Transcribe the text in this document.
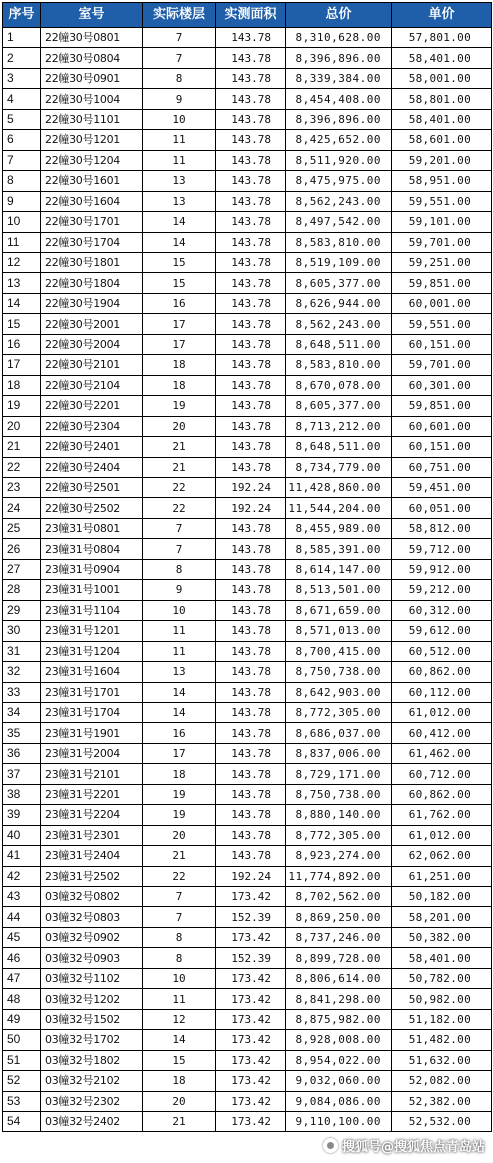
序号	室号	实际楼层	实测面积	总价	单价
1	22幢30号0801	7	143.78	8,310,628.00	57,801.00
2	22幢30号0804	7	143.78	8,396,896.00	58,401.00
3	22幢30号0901	8	143.78	8,339,384.00	58,001.00
4	22幢30号1004	9	143.78	8,454,408.00	58,801.00
5	22幢30号1101	10	143.78	8,396,896.00	58,401.00
6	22幢30号1201	11	143.78	8,425,652.00	58,601.00
7	22幢30号1204	11	143.78	8,511,920.00	59,201.00
8	22幢30号1601	13	143.78	8,475,975.00	58,951.00
9	22幢30号1604	13	143.78	8,562,243.00	59,551.00
10	22幢30号1701	14	143.78	8,497,542.00	59,101.00
11	22幢30号1704	14	143.78	8,583,810.00	59,701.00
12	22幢30号1801	15	143.78	8,519,109.00	59,251.00
13	22幢30号1804	15	143.78	8,605,377.00	59,851.00
14	22幢30号1904	16	143.78	8,626,944.00	60,001.00
15	22幢30号2001	17	143.78	8,562,243.00	59,551.00
16	22幢30号2004	17	143.78	8,648,511.00	60,151.00
17	22幢30号2101	18	143.78	8,583,810.00	59,701.00
18	22幢30号2104	18	143.78	8,670,078.00	60,301.00
19	22幢30号2201	19	143.78	8,605,377.00	59,851.00
20	22幢30号2304	20	143.78	8,713,212.00	60,601.00
21	22幢30号2401	21	143.78	8,648,511.00	60,151.00
22	22幢30号2404	21	143.78	8,734,779.00	60,751.00
23	22幢30号2501	22	192.24	11,428,860.00	59,451.00
24	22幢30号2502	22	192.24	11,544,204.00	60,051.00
25	23幢31号0801	7	143.78	8,455,989.00	58,812.00
26	23幢31号0804	7	143.78	8,585,391.00	59,712.00
27	23幢31号0904	8	143.78	8,614,147.00	59,912.00
28	23幢31号1001	9	143.78	8,513,501.00	59,212.00
29	23幢31号1104	10	143.78	8,671,659.00	60,312.00
30	23幢31号1201	11	143.78	8,571,013.00	59,612.00
31	23幢31号1204	11	143.78	8,700,415.00	60,512.00
32	23幢31号1604	13	143.78	8,750,738.00	60,862.00
33	23幢31号1701	14	143.78	8,642,903.00	60,112.00
34	23幢31号1704	14	143.78	8,772,305.00	61,012.00
35	23幢31号1901	16	143.78	8,686,037.00	60,412.00
36	23幢31号2004	17	143.78	8,837,006.00	61,462.00
37	23幢31号2101	18	143.78	8,729,171.00	60,712.00
38	23幢31号2201	19	143.78	8,750,738.00	60,862.00
39	23幢31号2204	19	143.78	8,880,140.00	61,762.00
40	23幢31号2301	20	143.78	8,772,305.00	61,012.00
41	23幢31号2404	21	143.78	8,923,274.00	62,062.00
42	23幢31号2502	22	192.24	11,774,892.00	61,251.00
43	03幢32号0802	7	173.42	8,702,562.00	50,182.00
44	03幢32号0803	7	152.39	8,869,250.00	58,201.00
45	03幢32号0902	8	173.42	8,737,246.00	50,382.00
46	03幢32号0903	8	152.39	8,899,728.00	58,401.00
47	03幢32号1102	10	173.42	8,806,614.00	50,782.00
48	03幢32号1202	11	173.42	8,841,298.00	50,982.00
49	03幢32号1502	12	173.42	8,875,982.00	51,182.00
50	03幢32号1702	14	173.42	8,928,008.00	51,482.00
51	03幢32号1802	15	173.42	8,954,022.00	51,632.00
52	03幢32号2102	18	173.42	9,032,060.00	52,082.00
53	03幢32号2302	20	173.42	9,084,086.00	52,382.00
54	03幢32号2402	21	173.42	9,110,100.00	52,532.00
搜狐号@搜狐焦点青岛站
